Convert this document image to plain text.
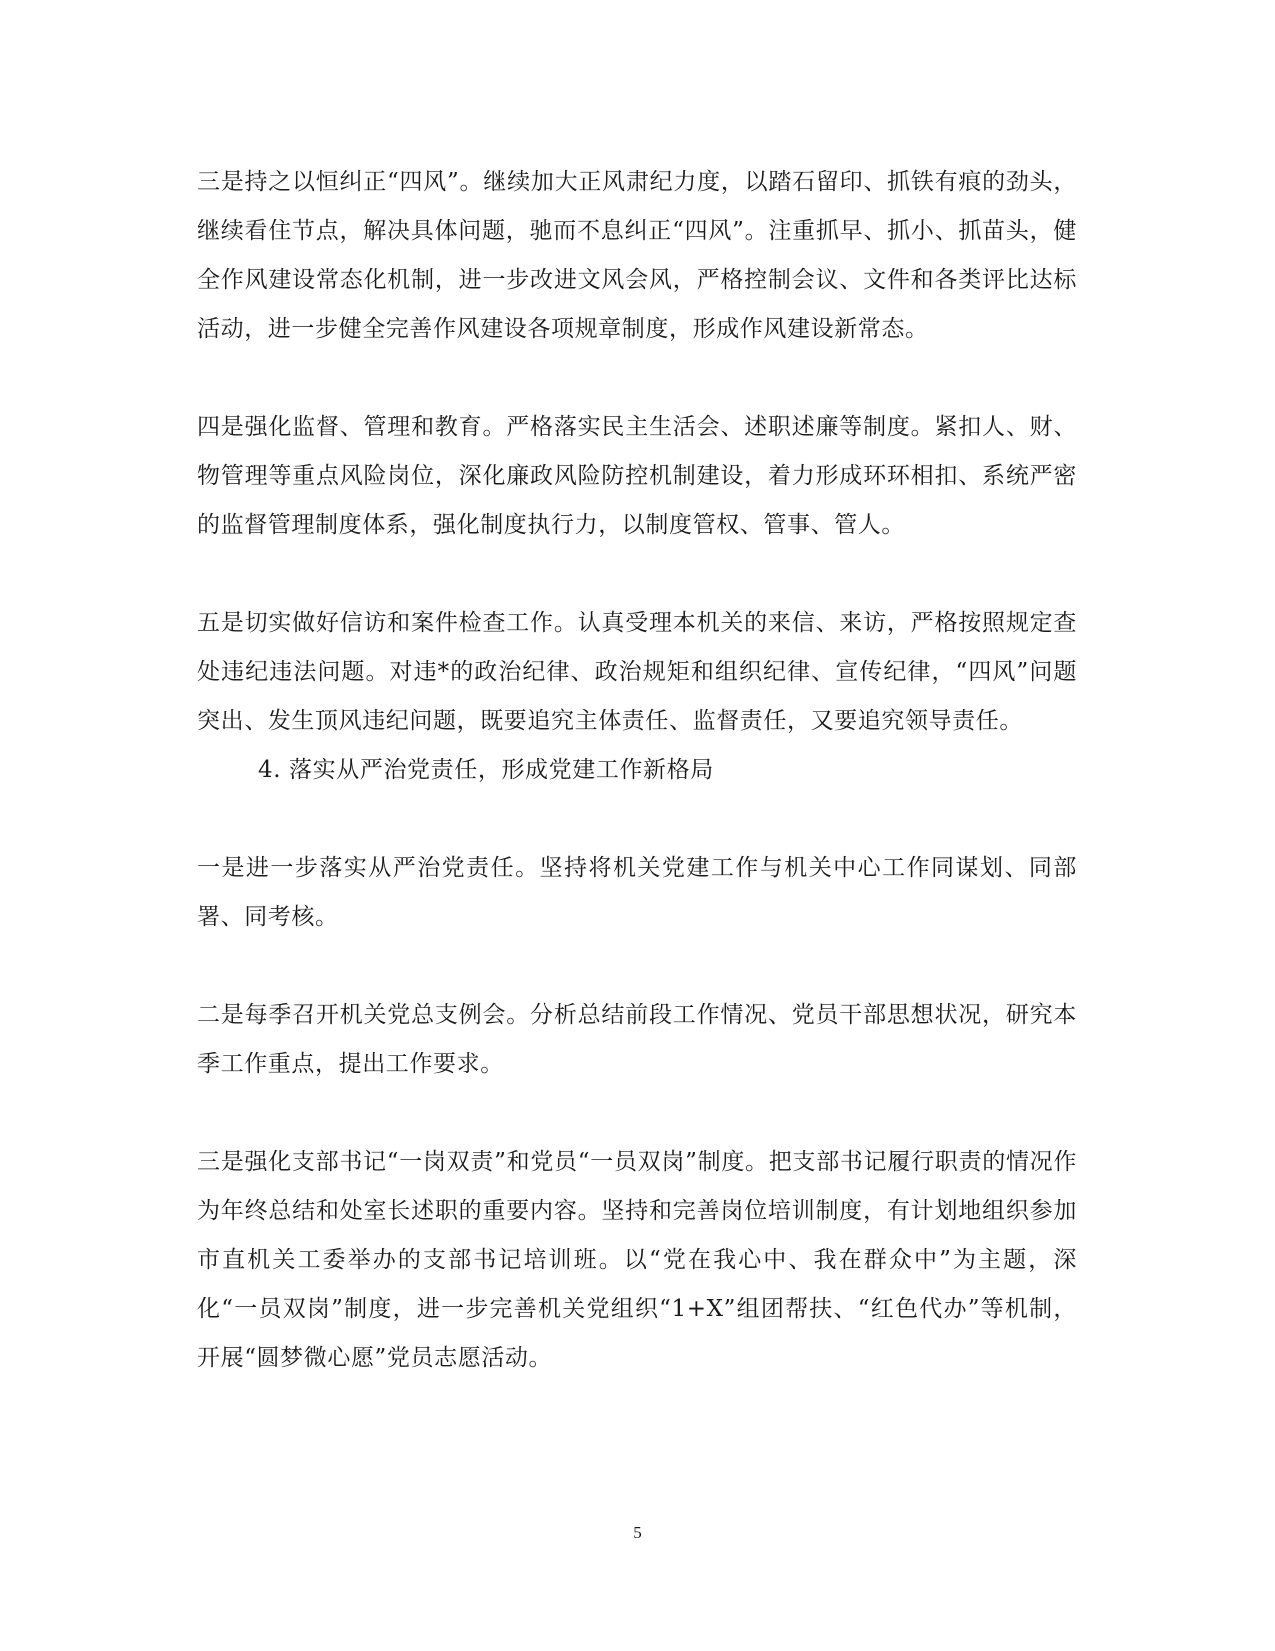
三是持之以恒纠正“四风”。继续加大正风肃纪力度，以踏石留印、抓铁有痕的劲头，继续看住节点，解决具体问题，驰而不息纠正“四风”。注重抓早、抓小、抓苗头，健全作风建设常态化机制，进一步改进文风会风，严格控制会议、文件和各类评比达标活动，进一步健全完善作风建设各项规章制度，形成作风建设新常态。

四是强化监督、管理和教育。严格落实民主生活会、述职述廉等制度。紧扣人、财、物管理等重点风险岗位，深化廉政风险防控机制建设，着力形成环环相扣、系统严密的监督管理制度体系，强化制度执行力，以制度管权、管事、管人。

五是切实做好信访和案件检查工作。认真受理本机关的来信、来访，严格按照规定查处违纪违法问题。对违*的政治纪律、政治规矩和组织纪律、宣传纪律，“四风”问题突出、发生顶风违纪问题，既要追究主体责任、监督责任，又要追究领导责任。

4. 落实从严治党责任，形成党建工作新格局

一是进一步落实从严治党责任。坚持将机关党建工作与机关中心工作同谋划、同部署、同考核。

二是每季召开机关党总支例会。分析总结前段工作情况、党员干部思想状况，研究本季工作重点，提出工作要求。

三是强化支部书记“一岗双责”和党员“一员双岗”制度。把支部书记履行职责的情况作为年终总结和处室长述职的重要内容。坚持和完善岗位培训制度，有计划地组织参加市直机关工委举办的支部书记培训班。以“党在我心中、我在群众中”为主题，深化“一员双岗”制度，进一步完善机关党组织“1+X”组团帮扶、“红色代办”等机制，开展“圆梦微心愿”党员志愿活动。

5
